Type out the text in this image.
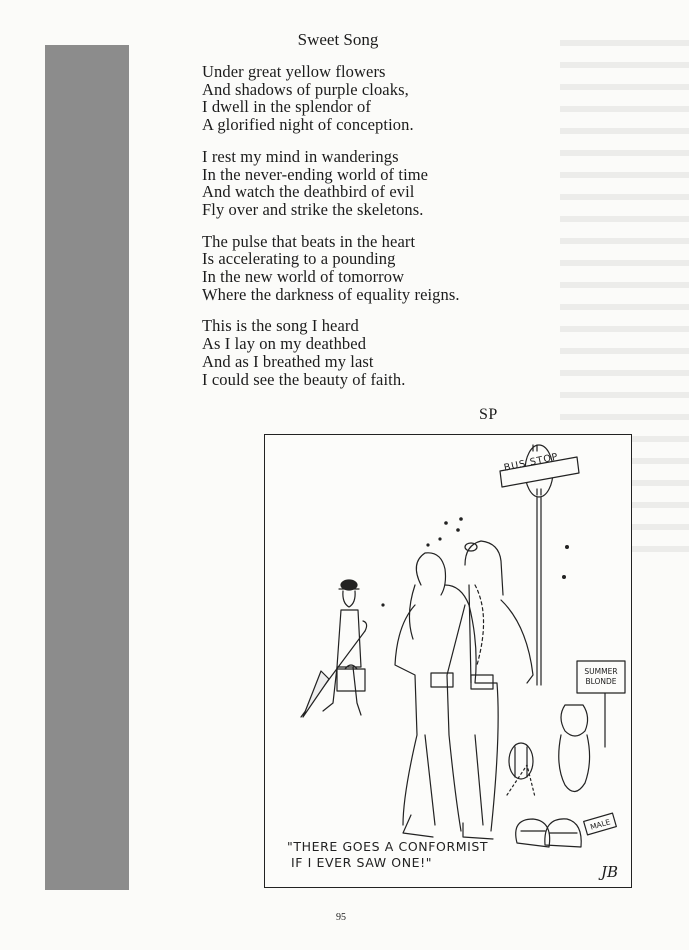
Sweet Song
Under great yellow flowers
And shadows of purple cloaks,
I dwell in the splendor of
A glorified night of conception.
I rest my mind in wanderings
In the never-ending world of time
And watch the deathbird of evil
Fly over and strike the skeletons.
The pulse that beats in the heart
Is accelerating to a pounding
In the new world of tomorrow
Where the darkness of equality reigns.
This is the song I heard
As I lay on my deathbed
And as I breathed my last
I could see the beauty of faith.
SP
BUS STOP
SUMMER
BLONDE
MALE
"THERE GOES A CONFORMIST
IF I EVER SAW ONE!"
JB
95
